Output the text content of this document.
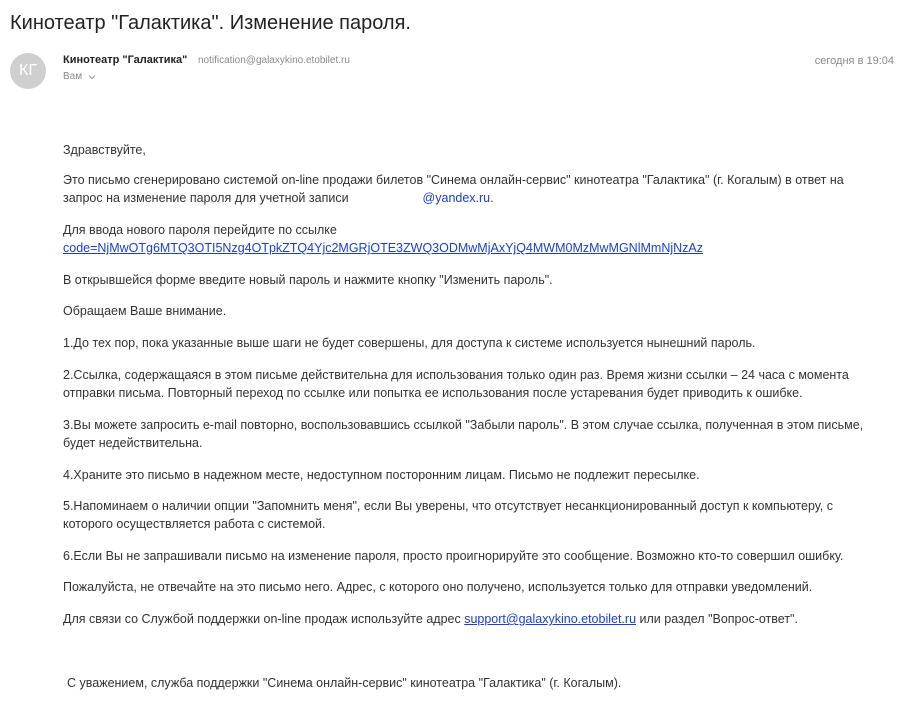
Кинотеатр "Галактика". Изменение пароля.
КГ
Кинотеатр "Галактика" notification@galaxykino.etobilet.ru
Вам
сегодня в 19:04
Здравствуйте,
Это письмо сгенерировано системой on-line продажи билетов "Синема онлайн-сервис" кинотеатра "Галактика" (г. Когалым) в ответ на
запрос на изменение пароля для учетной записи	@yandex.ru.
Для ввода нового пароля перейдите по ссылке
code=NjMwOTg6MTQ3OTI5Nzg4OTpkZTQ4Yjc2MGRjOTE3ZWQ3ODMwMjAxYjQ4MWM0MzMwMGNlMmNjNzAz
В открывшейся форме введите новый пароль и нажмите кнопку "Изменить пароль".
Обращаем Ваше внимание.
1.До тех пор, пока указанные выше шаги не будет совершены, для доступа к системе используется нынешний пароль.
2.Ссылка, содержащаяся в этом письме действительна для использования только один раз. Время жизни ссылки – 24 часа с момента
отправки письма. Повторный переход по ссылке или попытка ее использования после устаревания будет приводить к ошибке.
3.Вы можете запросить e-mail повторно, воспользовавшись ссылкой "Забыли пароль". В этом случае ссылка, полученная в этом письме,
будет недействительна.
4.Храните это письмо в надежном месте, недоступном посторонним лицам. Письмо не подлежит пересылке.
5.Напоминаем о наличии опции "Запомнить меня", если Вы уверены, что отсутствует несанкционированный доступ к компьютеру, с
которого осуществляется работа с системой.
6.Если Вы не запрашивали письмо на изменение пароля, просто проигнорируйте это сообщение. Возможно кто-то совершил ошибку.
Пожалуйста, не отвечайте на это письмо него. Адрес, с которого оно получено, используется только для отправки уведомлений.
Для связи со Службой поддержки on-line продаж используйте адрес support@galaxykino.etobilet.ru или раздел "Вопрос-ответ".
С уважением, служба поддержки "Синема онлайн-сервис" кинотеатра "Галактика" (г. Когалым).
